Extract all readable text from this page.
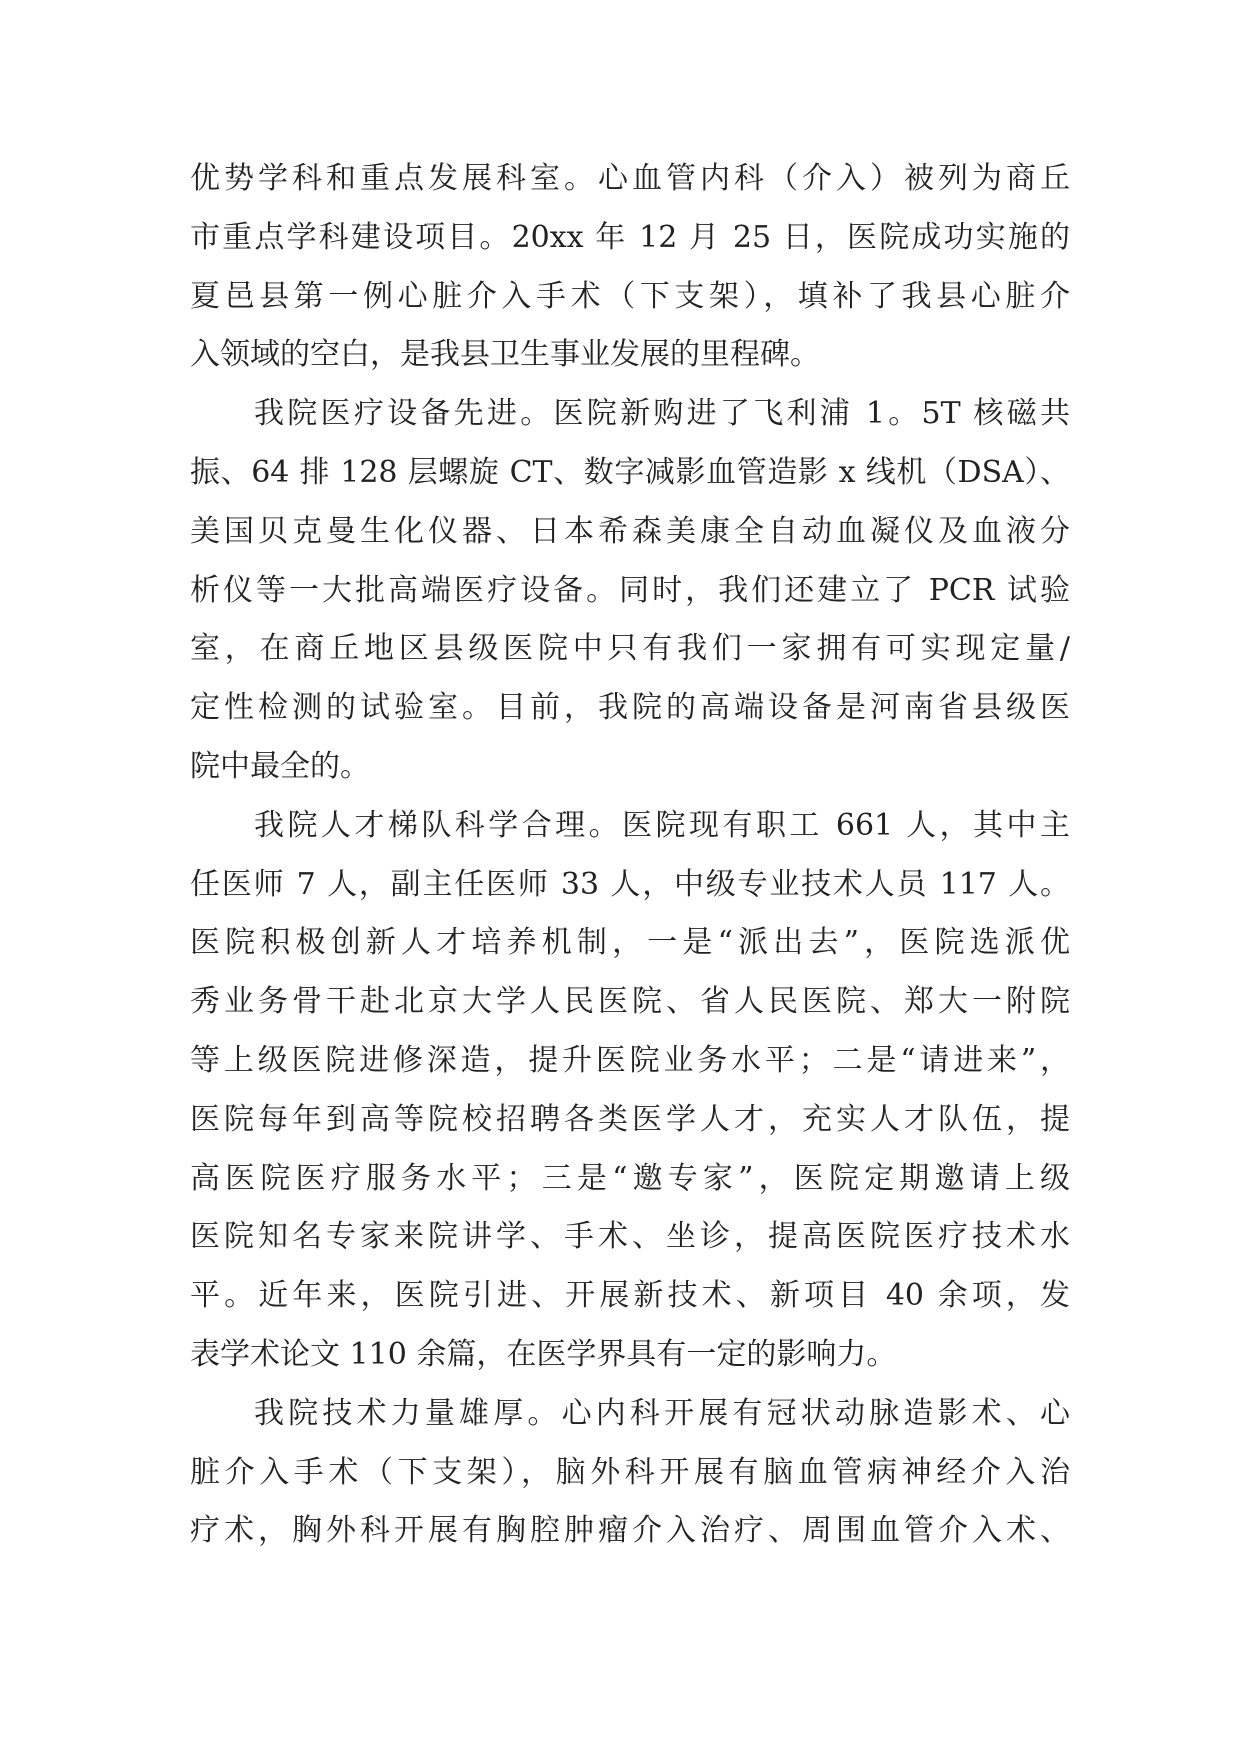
优势学科和重点发展科室。心血管内科（介入）被列为商丘
市重点学科建设项目。20xx 年 12 月 25 日，医院成功实施的
夏邑县第一例心脏介入手术（下支架），填补了我县心脏介
入领域的空白，是我县卫生事业发展的里程碑。
我院医疗设备先进。医院新购进了飞利浦 1。5T 核磁共
振、64 排 128 层螺旋 CT、数字减影血管造影 x 线机（DSA）、
美国贝克曼生化仪器、日本希森美康全自动血凝仪及血液分
析仪等一大批高端医疗设备。同时，我们还建立了 PCR 试验
室，在商丘地区县级医院中只有我们一家拥有可实现定量/
定性检测的试验室。目前，我院的高端设备是河南省县级医
院中最全的。
我院人才梯队科学合理。医院现有职工 661 人，其中主
任医师 7 人，副主任医师 33 人，中级专业技术人员 117 人。
医院积极创新人才培养机制，一是“派出去”，医院选派优
秀业务骨干赴北京大学人民医院、省人民医院、郑大一附院
等上级医院进修深造，提升医院业务水平；二是“请进来”，
医院每年到高等院校招聘各类医学人才，充实人才队伍，提
高医院医疗服务水平；三是“邀专家”，医院定期邀请上级
医院知名专家来院讲学、手术、坐诊，提高医院医疗技术水
平。近年来，医院引进、开展新技术、新项目 40 余项，发
表学术论文 110 余篇，在医学界具有一定的影响力。
我院技术力量雄厚。心内科开展有冠状动脉造影术、心
脏介入手术（下支架），脑外科开展有脑血管病神经介入治
疗术，胸外科开展有胸腔肿瘤介入治疗、周围血管介入术、
